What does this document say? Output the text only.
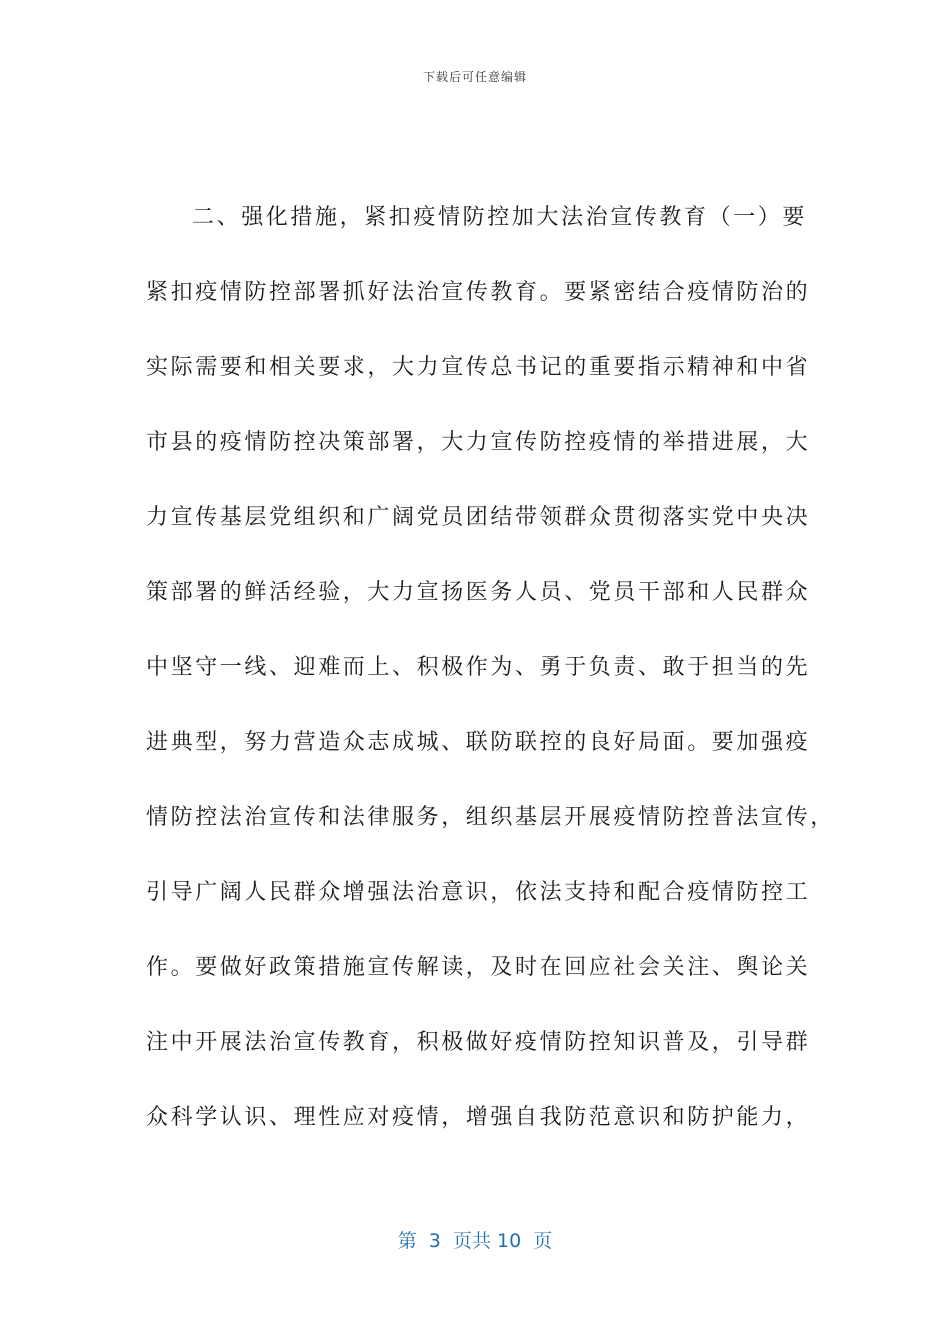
下载后可任意编辑
二、强化措施，紧扣疫情防控加大法治宣传教育（一）要
紧扣疫情防控部署抓好法治宣传教育。要紧密结合疫情防治的
实际需要和相关要求，大力宣传总书记的重要指示精神和中省
市县的疫情防控决策部署，大力宣传防控疫情的举措进展，大
力宣传基层党组织和广阔党员团结带领群众贯彻落实党中央决
策部署的鲜活经验，大力宣扬医务人员、党员干部和人民群众
中坚守一线、迎难而上、积极作为、勇于负责、敢于担当的先
进典型，努力营造众志成城、联防联控的良好局面。要加强疫
情防控法治宣传和法律服务，组织基层开展疫情防控普法宣传，
引导广阔人民群众增强法治意识，依法支持和配合疫情防控工
作。要做好政策措施宣传解读，及时在回应社会关注、舆论关
注中开展法治宣传教育，积极做好疫情防控知识普及，引导群
众科学认识、理性应对疫情，增强自我防范意识和防护能力，
第  3  页共 10  页
